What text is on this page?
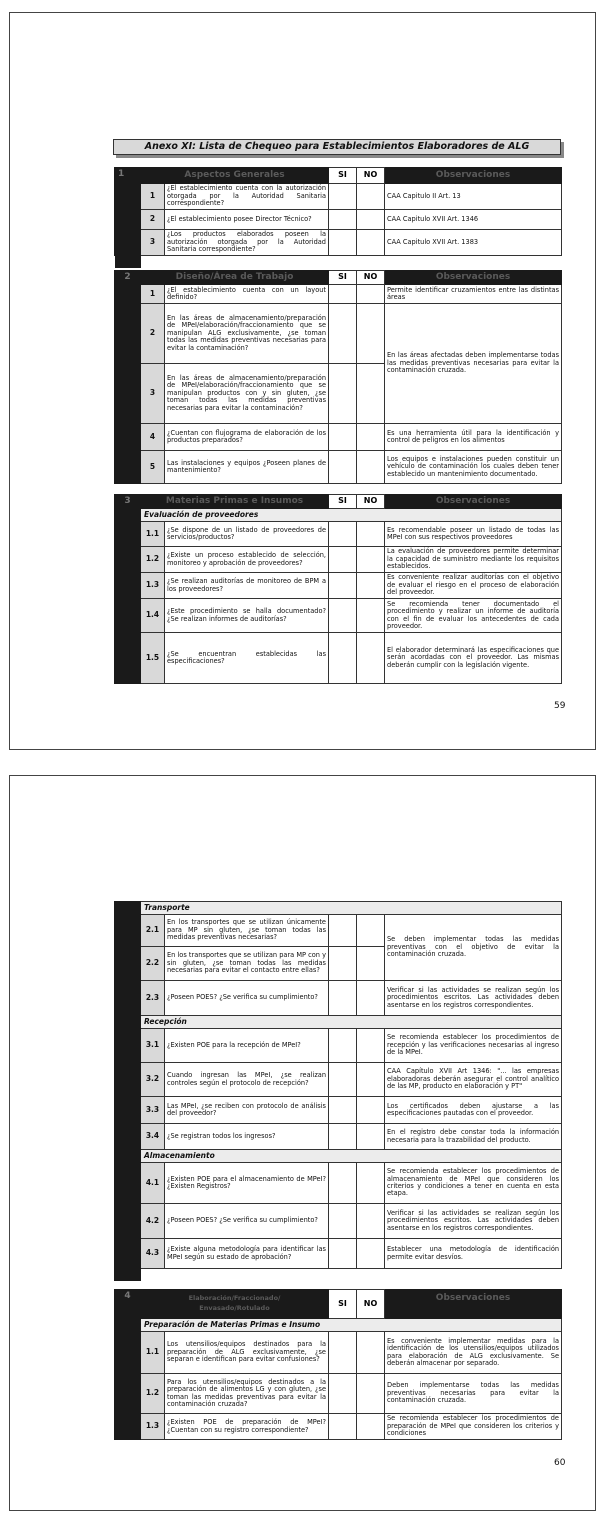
Anexo XI: Lista de Chequeo para Establecimientos Elaboradores de ALG
1	Aspectos Generales		SI	NO	Observaciones
	1	¿El establecimiento cuenta con la autorización otorgada por la Autoridad Sanitaria correspondiente?			CAA Capitulo II Art. 13
	2	¿El establecimiento posee Director Técnico?			CAA Capitulo XVII Art. 1346
	3	¿Los productos elaborados poseen la autorización otorgada por la Autoridad Sanitaria correspondiente?			CAA Capitulo XVII Art. 1383

2	Diseño/Área de Trabajo		SI	NO	Observaciones
	1	¿El establecimiento cuenta con un layout definido?			Permite identificar cruzamientos entre las distintas áreas
	2	En las áreas de almacenamiento/preparación de MPeI/elaboración/fraccionamiento que se manipulan ALG exclusivamente, ¿se toman todas las medidas preventivas necesarias para evitar la contaminación?			En las áreas afectadas deben implementarse todas las medidas preventivas necesarias para evitar la contaminación cruzada.
	3	En las áreas de almacenamiento/preparación de MPeI/elaboración/fraccionamiento que se manipulan productos con y sin gluten, ¿se toman todas las medidas preventivas necesarias para evitar la contaminación?			
	4	¿Cuentan con flujograma de elaboración de los productos preparados?			Es una herramienta útil para la identificación y control de peligros en los alimentos
	5	Las instalaciones y equipos ¿Poseen planes de mantenimiento?			Los equipos e instalaciones pueden constituir un vehículo de contaminación los cuales deben tener establecido un mantenimiento documentado.
3	Materias Primas e Insumos		SI	NO	Observaciones
	Evaluación de proveedores				
	1.1	¿Se dispone de un listado de proveedores de servicios/productos?			Es recomendable poseer un listado de todas las MPeI con sus respectivos proveedores
	1.2	¿Existe un proceso establecido de selección, monitoreo y aprobación de proveedores?			La evaluación de proveedores permite determinar la capacidad de suministro mediante los requisitos establecidos.
	1.3	¿Se realizan auditorías de monitoreo de BPM a los proveedores?			Es conveniente realizar auditorías con el objetivo de evaluar el riesgo en el proceso de elaboración del proveedor.
	1.4	¿Este procedimiento se halla documentado? ¿Se realizan informes de auditorías?			Se recomienda tener documentado el procedimiento y realizar un informe de auditoría con el fin de evaluar los antecedentes de cada proveedor.
	1.5	¿Se encuentran establecidas las especificaciones?			El elaborador determinará las especificaciones que serán acordadas con el proveedor. Las mismas deberán cumplir con la legislación vigente.
59
	Transporte				
	2.1	En los transportes que se utilizan únicamente para MP sin gluten, ¿se toman todas las medidas preventivas necesarias?			Se deben implementar todas las medidas preventivas con el objetivo de evitar la contaminación cruzada.
	2.2	En los transportes que se utilizan para MP con y sin gluten, ¿se toman todas las medidas necesarias para evitar el contacto entre ellas?			
	2.3	¿Poseen POES? ¿Se verifica su cumplimiento?			Verificar si las actividades se realizan según los procedimientos escritos. Las actividades deben asentarse en los registros correspondientes.
	Recepción				
	3.1	¿Existen POE para la recepción de MPeI?			Se recomienda establecer los procedimientos de recepción y las verificaciones necesarias al ingreso de la MPeI.
	3.2	Cuando ingresan las MPeI, ¿se realizan controles según el protocolo de recepción?			CAA Capítulo XVII Art 1346: "... las empresas elaboradoras deberán asegurar el control analítico de las MP, producto en elaboración y PT"
	3.3	Las MPeI, ¿se reciben con protocolo de análisis del proveedor?			Los certificados deben ajustarse a las especificaciones pautadas con el proveedor.
	3.4	¿Se registran todos los ingresos?			En el registro debe constar toda la información necesaria para la trazabilidad del producto.
	Almacenamiento				
	4.1	¿Existen POE para el almacenamiento de MPeI? ¿Existen Registros?			Se recomienda establecer los procedimientos de almacenamiento de MPeI que consideren los criterios y condiciones a tener en cuenta en esta etapa.
	4.2	¿Poseen POES? ¿Se verifica su cumplimiento?			Verificar si las actividades se realizan según los procedimientos escritos. Las actividades deben asentarse en los registros correspondientes.
	4.3	¿Existe alguna metodología para identificar las MPeI según su estado de aprobación?			Establecer una metodología de identificación permite evitar desvíos.

4	Elaboración/Fraccionado/
Envasado/Rotulado		SI	NO	Observaciones
	Preparación de Materias Primas e Insumo				
	1.1	Los utensilios/equipos destinados para la preparación de ALG exclusivamente, ¿se separan e identifican para evitar confusiones?			Es conveniente implementar medidas para la identificación de los utensilios/equipos utilizados para elaboración de ALG exclusivamente. Se deberán almacenar por separado.
	1.2	Para los utensilios/equipos destinados a la preparación de alimentos LG y con gluten, ¿se toman las medidas preventivas para evitar la contaminación cruzada?			Deben implementarse todas las medidas preventivas necesarias para evitar la contaminación cruzada.
	1.3	¿Existen POE de preparación de MPeI? ¿Cuentan con su registro correspondiente?			Se recomienda establecer los procedimientos de preparación de MPeI que consideren los criterios y condiciones
60
